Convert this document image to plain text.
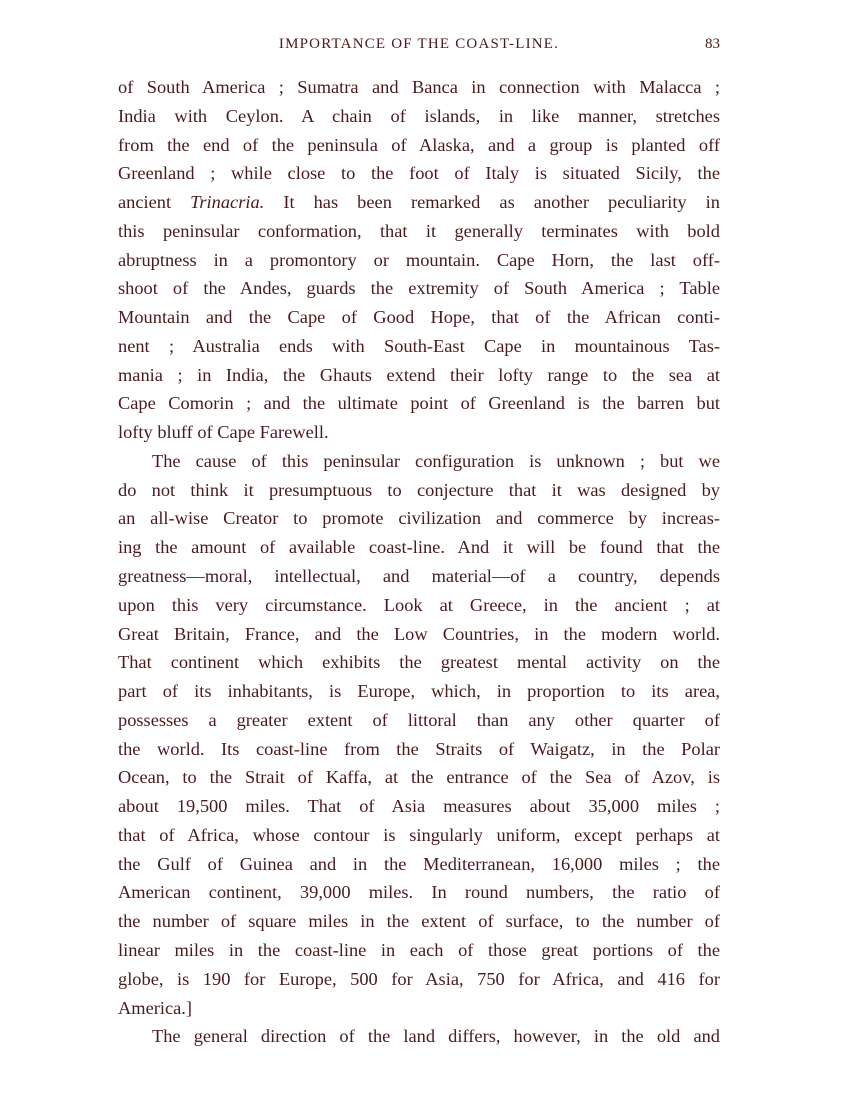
IMPORTANCE OF THE COAST-LINE.	83
of South America ; Sumatra and Banca in connection with Malacca ;
India with Ceylon. A chain of islands, in like manner, stretches
from the end of the peninsula of Alaska, and a group is planted off
Greenland ; while close to the foot of Italy is situated Sicily, the
ancient Trinacria. It has been remarked as another peculiarity in
this peninsular conformation, that it generally terminates with bold
abruptness in a promontory or mountain. Cape Horn, the last off-
shoot of the Andes, guards the extremity of South America ; Table
Mountain and the Cape of Good Hope, that of the African conti-
nent ; Australia ends with South-East Cape in mountainous Tas-
mania ; in India, the Ghauts extend their lofty range to the sea at
Cape Comorin ; and the ultimate point of Greenland is the barren but
lofty bluff of Cape Farewell.
The cause of this peninsular configuration is unknown ; but we
do not think it presumptuous to conjecture that it was designed by
an all-wise Creator to promote civilization and commerce by increas-
ing the amount of available coast-line. And it will be found that the
greatness—moral, intellectual, and material—of a country, depends
upon this very circumstance. Look at Greece, in the ancient ; at
Great Britain, France, and the Low Countries, in the modern world.
That continent which exhibits the greatest mental activity on the
part of its inhabitants, is Europe, which, in proportion to its area,
possesses a greater extent of littoral than any other quarter of
the world. Its coast-line from the Straits of Waigatz, in the Polar
Ocean, to the Strait of Kaffa, at the entrance of the Sea of Azov, is
about 19,500 miles. That of Asia measures about 35,000 miles ;
that of Africa, whose contour is singularly uniform, except perhaps at
the Gulf of Guinea and in the Mediterranean, 16,000 miles ; the
American continent, 39,000 miles. In round numbers, the ratio of
the number of square miles in the extent of surface, to the number of
linear miles in the coast-line in each of those great portions of the
globe, is 190 for Europe, 500 for Asia, 750 for Africa, and 416 for
America.]
The general direction of the land differs, however, in the old and
